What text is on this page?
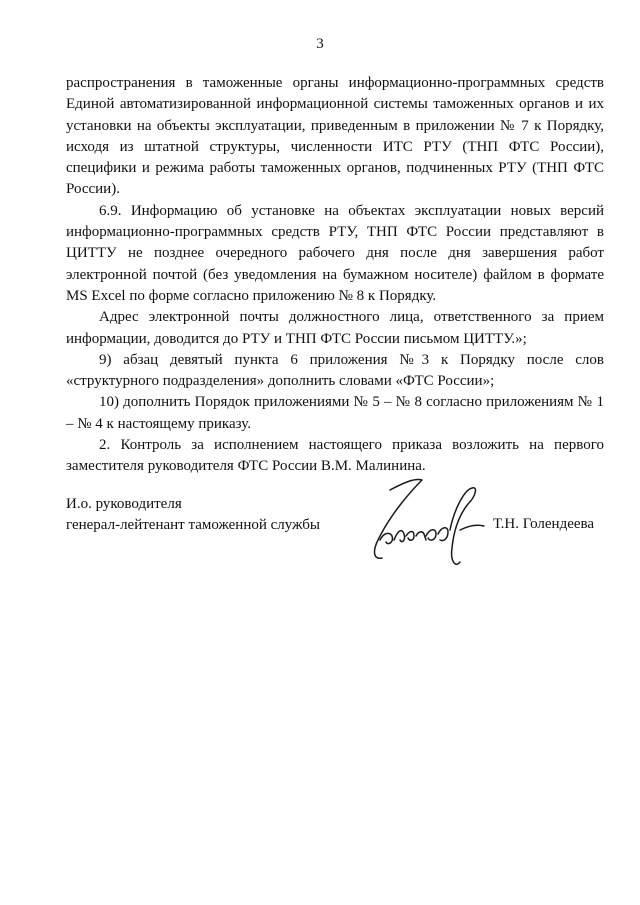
3

распространения в таможенные органы информационно-программных средств Единой автоматизированной информационной системы таможенных органов и их установки на объекты эксплуатации, приведенным в приложении № 7 к Порядку, исходя из штатной структуры, численности ИТС РТУ (ТНП ФТС России), специфики и режима работы таможенных органов, подчиненных РТУ (ТНП ФТС России).

6.9. Информацию об установке на объектах эксплуатации новых версий информационно-программных средств РТУ, ТНП ФТС России представляют в ЦИТТУ не позднее очередного рабочего дня после дня завершения работ электронной почтой (без уведомления на бумажном носителе) файлом в формате MS Excel по форме согласно приложению № 8 к Порядку.

Адрес электронной почты должностного лица, ответственного за прием информации, доводится до РТУ и ТНП ФТС России письмом ЦИТТУ.»;

9) абзац девятый пункта 6 приложения №3 к Порядку после слов «структурного подразделения» дополнить словами «ФТС России»;

10) дополнить Порядок приложениями № 5 – № 8 согласно приложениям № 1 – № 4 к настоящему приказу.

2. Контроль за исполнением настоящего приказа возложить на первого заместителя руководителя ФТС России В.М. Малинина.

И.о. руководителя
генерал-лейтенант таможенной службы	Т.Н. Голендеева
